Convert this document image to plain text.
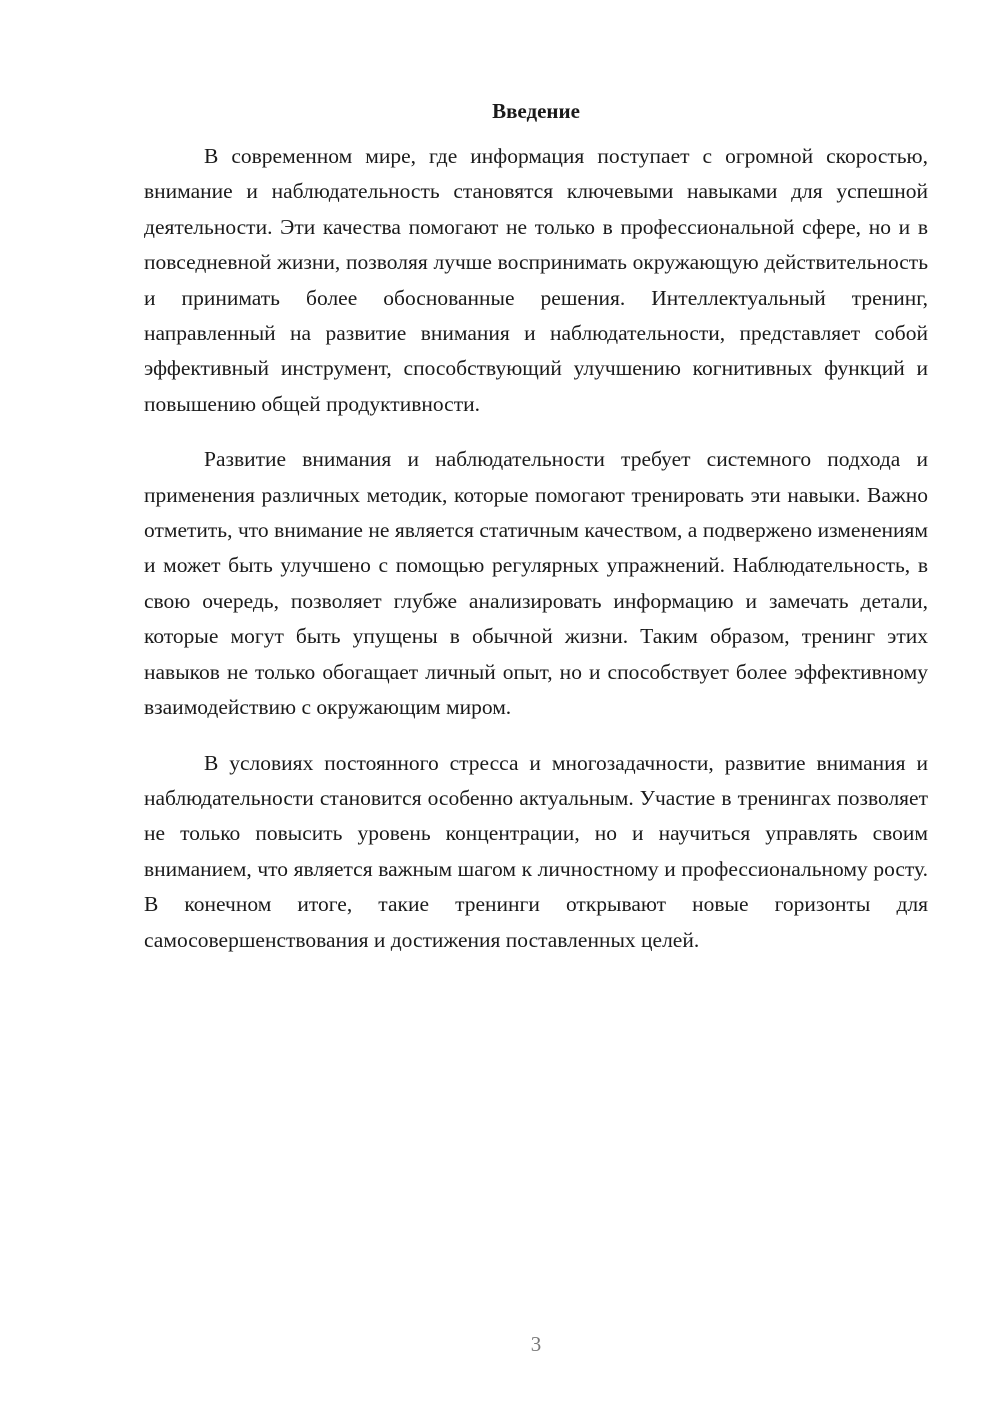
Введение

В современном мире, где информация поступает с огромной скоростью, внимание и наблюдательность становятся ключевыми навыками для успешной деятельности. Эти качества помогают не только в профессиональной сфере, но и в повседневной жизни, позволяя лучше воспринимать окружающую действительность и принимать более обоснованные решения. Интеллектуальный тренинг, направленный на развитие внимания и наблюдательности, представляет собой эффективный инструмент, способствующий улучшению когнитивных функций и повышению общей продуктивности.

Развитие внимания и наблюдательности требует системного подхода и применения различных методик, которые помогают тренировать эти навыки. Важно отметить, что внимание не является статичным качеством, а подвержено изменениям и может быть улучшено с помощью регулярных упражнений. Наблюдательность, в свою очередь, позволяет глубже анализировать информацию и замечать детали, которые могут быть упущены в обычной жизни. Таким образом, тренинг этих навыков не только обогащает личный опыт, но и способствует более эффективному взаимодействию с окружающим миром.

В условиях постоянного стресса и многозадачности, развитие внимания и наблюдательности становится особенно актуальным. Участие в тренингах позволяет не только повысить уровень концентрации, но и научиться управлять своим вниманием, что является важным шагом к личностному и профессиональному росту. В конечном итоге, такие тренинги открывают новые горизонты для самосовершенствования и достижения поставленных целей.

3
